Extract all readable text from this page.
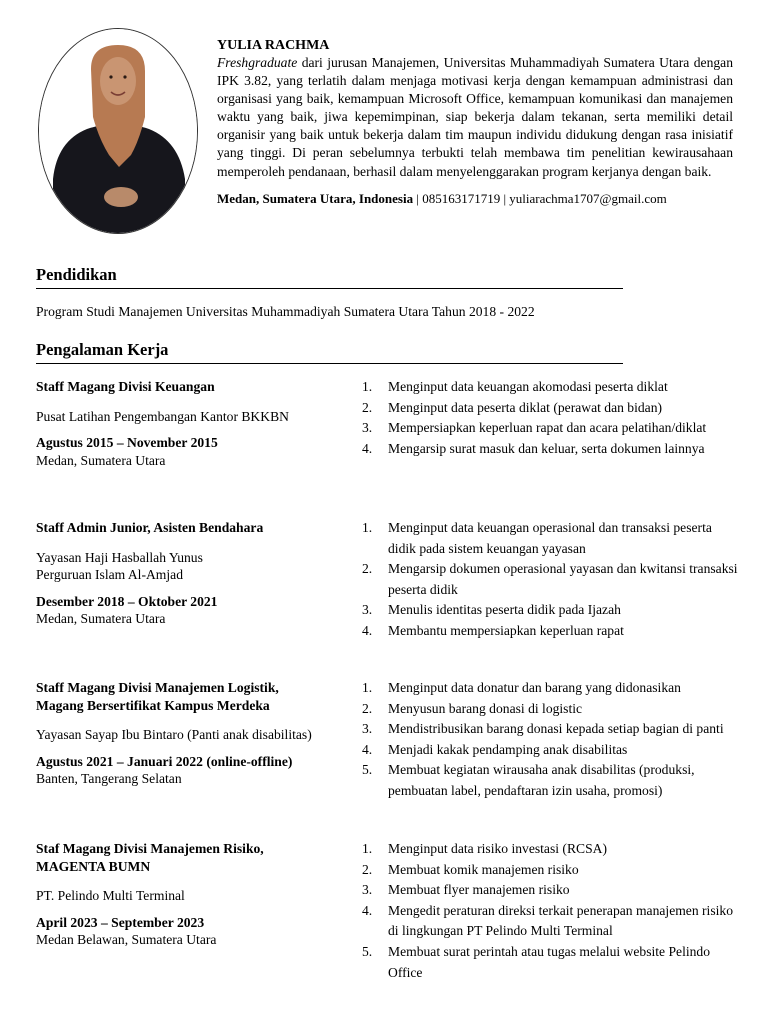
YULIA RACHMA

Freshgraduate dari jurusan Manajemen, Universitas Muhammadiyah Sumatera Utara dengan IPK 3.82, yang terlatih dalam menjaga motivasi kerja dengan kemampuan administrasi dan organisasi yang baik, kemampuan Microsoft Office, kemampuan komunikasi dan manajemen waktu yang baik, jiwa kepemimpinan, siap bekerja dalam tekanan, serta memiliki detail organisir yang baik untuk bekerja dalam tim maupun individu didukung dengan rasa inisiatif yang tinggi. Di peran sebelumnya terbukti telah membawa tim penelitian kewirausahaan memperoleh pendanaan, berhasil dalam menyelenggarakan program kerjanya dengan baik.

Medan, Sumatera Utara, Indonesia | 085163171719 | yuliarachma1707@gmail.com
Pendidikan
Program Studi Manajemen Universitas Muhammadiyah Sumatera Utara Tahun 2018 - 2022
Pengalaman Kerja
Staff Magang Divisi Keuangan
Pusat Latihan Pengembangan Kantor BKKBN
Agustus 2015 – November 2015
Medan, Sumatera Utara
1. Menginput data keuangan akomodasi peserta diklat
2. Menginput data peserta diklat (perawat dan bidan)
3. Mempersiapkan keperluan rapat dan acara pelatihan/diklat
4. Mengarsip surat masuk dan keluar, serta dokumen lainnya
Staff Admin Junior, Asisten Bendahara
Yayasan Haji Hasballah Yunus
Perguruan Islam Al-Amjad
Desember 2018 – Oktober 2021
Medan, Sumatera Utara
1. Menginput data keuangan operasional dan transaksi peserta didik pada sistem keuangan yayasan
2. Mengarsip dokumen operasional yayasan dan kwitansi transaksi peserta didik
3. Menulis identitas peserta didik pada Ijazah
4. Membantu mempersiapkan keperluan rapat
Staff Magang Divisi Manajemen Logistik,
Magang Bersertifikat Kampus Merdeka
Yayasan Sayap Ibu Bintaro (Panti anak disabilitas)
Agustus 2021 – Januari 2022 (online-offline)
Banten, Tangerang Selatan
1. Menginput data donatur dan barang yang didonasikan
2. Menyusun barang donasi di logistic
3. Mendistribusikan barang donasi kepada setiap bagian di panti
4. Menjadi kakak pendamping anak disabilitas
5. Membuat kegiatan wirausaha anak disabilitas (produksi, pembuatan label, pendaftaran izin usaha, promosi)
Staf Magang Divisi Manajemen Risiko,
MAGENTA BUMN
PT. Pelindo Multi Terminal
April 2023 – September 2023
Medan Belawan, Sumatera Utara
1. Menginput data risiko investasi (RCSA)
2. Membuat komik manajemen risiko
3. Membuat flyer manajemen risiko
4. Mengedit peraturan direksi terkait penerapan manajemen risiko di lingkungan PT Pelindo Multi Terminal
5. Membuat surat perintah atau tugas melalui website Pelindo Office
